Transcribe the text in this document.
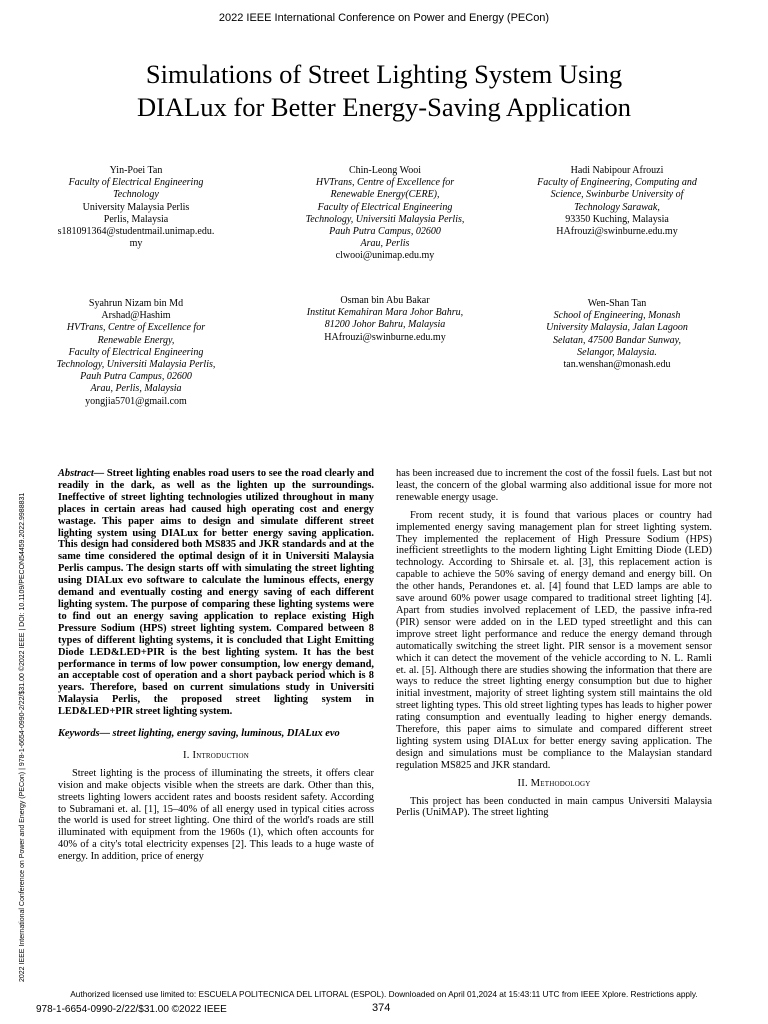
2022 IEEE International Conference on Power and Energy (PECon)
Simulations of Street Lighting System Using
DIALux for Better Energy-Saving Application
Yin-Poei Tan
Faculty of Electrical Engineering
Technology
University Malaysia Perlis
Perlis, Malaysia
s181091364@studentmail.unimap.edu.
my
Chin-Leong Wooi
HVTrans, Centre of Excellence for
Renewable Energy(CERE),
Faculty of Electrical Engineering
Technology, Universiti Malaysia Perlis,
Pauh Putra Campus, 02600
Arau, Perlis
clwooi@unimap.edu.my
Hadi Nabipour Afrouzi
Faculty of Engineering, Computing and
Science, Swinburbe University of
Technology Sarawak,
93350 Kuching, Malaysia
HAfrouzi@swinburne.edu.my
Syahrun Nizam bin Md
Arshad@Hashim
HVTrans, Centre of Excellence for
Renewable Energy,
Faculty of Electrical Engineering
Technology, Universiti Malaysia Perlis,
Pauh Putra Campus, 02600
Arau, Perlis, Malaysia
yongjia5701@gmail.com
Osman bin Abu Bakar
Institut Kemahiran Mara Johor Bahru,
81200 Johor Bahru, Malaysia
HAfrouzi@swinburne.edu.my
Wen-Shan Tan
School of Engineering, Monash
University Malaysia, Jalan Lagoon
Selatan, 47500 Bandar Sunway,
Selangor, Malaysia.
tan.wenshan@monash.edu
2022 IEEE International Conference on Power and Energy (PECon) | 978-1-6654-0990-2/22/$31.00 ©2022 IEEE | DOI: 10.1109/PECON54459.2022.9988831

Abstract— Street lighting enables road users to see the road clearly and readily in the dark, as well as the lighten up the surroundings. Ineffective of street lighting technologies utilized throughout in many places in certain areas had caused high operating cost and energy wastage. This paper aims to design and simulate different street lighting system using DIALux for better energy saving application. This design had considered both MS835 and JKR standards and at the same time considered the optimal design of it in Universiti Malaysia Perlis campus. The design starts off with simulating the street lighting using DIALux evo software to calculate the luminous effects, energy demand and eventually costing and energy saving of each different lighting system. The purpose of comparing these lighting systems were to find out an energy saving application to replace existing High Pressure Sodium (HPS) street lighting system. Compared between 8 types of different lighting systems, it is concluded that Light Emitting Diode LED&LED+PIR is the best lighting system. It has the best performance in terms of low power consumption, low energy demand, an acceptable cost of operation and a short payback period which is 8 years. Therefore, based on current simulations study in Universiti Malaysia Perlis, the proposed street lighting system in LED&LED+PIR street lighting system.

Keywords— street lighting, energy saving, luminous, DIALux evo

I. Introduction

Street lighting is the process of illuminating the streets, it offers clear vision and make objects visible when the streets are dark. Other than this, streets lighting lowers accident rates and boosts resident safety. According to Subramani et. al. [1], 15–40% of all energy used in typical cities across the world is used for street lighting. One third of the world's roads are still illuminated with equipment from the 1960s (1), which often accounts for 40% of a city's total electricity expenses [2]. This leads to a huge waste of energy. In addition, price of energy

has been increased due to increment the cost of the fossil fuels. Last but not least, the concern of the global warming also additional issue for more not renewable energy usage.

From recent study, it is found that various places or country had implemented energy saving management plan for street lighting system. They implemented the replacement of High Pressure Sodium (HPS) inefficient streetlights to the modern lighting Light Emitting Diode (LED) technology. According to Shirsale et. al. [3], this replacement action is capable to achieve the 50% saving of energy demand and energy bill. On the other hands, Perandones et. al. [4] found that LED lamps are able to save around 60% power usage compared to traditional street lighting [4]. Apart from studies involved replacement of LED, the passive infra-red (PIR) sensor were added on in the LED typed streetlight and this can improve street light performance and reduce the energy demand through automatically switching the street light. PIR sensor is a movement sensor which it can detect the movement of the vehicle according to N. L. Ramli et. al. [5]. Although there are studies showing the information that there are ways to reduce the street lighting energy consumption but due to higher initial investment, majority of street lighting system still maintains the old street lighting types. This old street lighting types has leads to higher power rating consumption and eventually leading to higher energy demands. Therefore, this paper aims to simulate and compared different street lighting system using DIALux for better energy saving application. The design and simulations must be compliance to the Malaysian standard regulation MS825 and JKR standard.

II. Methodology

This project has been conducted in main campus Universiti Malaysia Perlis (UniMAP). The street lighting

Authorized licensed use limited to: ESCUELA POLITECNICA DEL LITORAL (ESPOL). Downloaded on April 01,2024 at 15:43:11 UTC from IEEE Xplore. Restrictions apply.
978-1-6654-0990-2/22/$31.00 ©2022 IEEE	374
